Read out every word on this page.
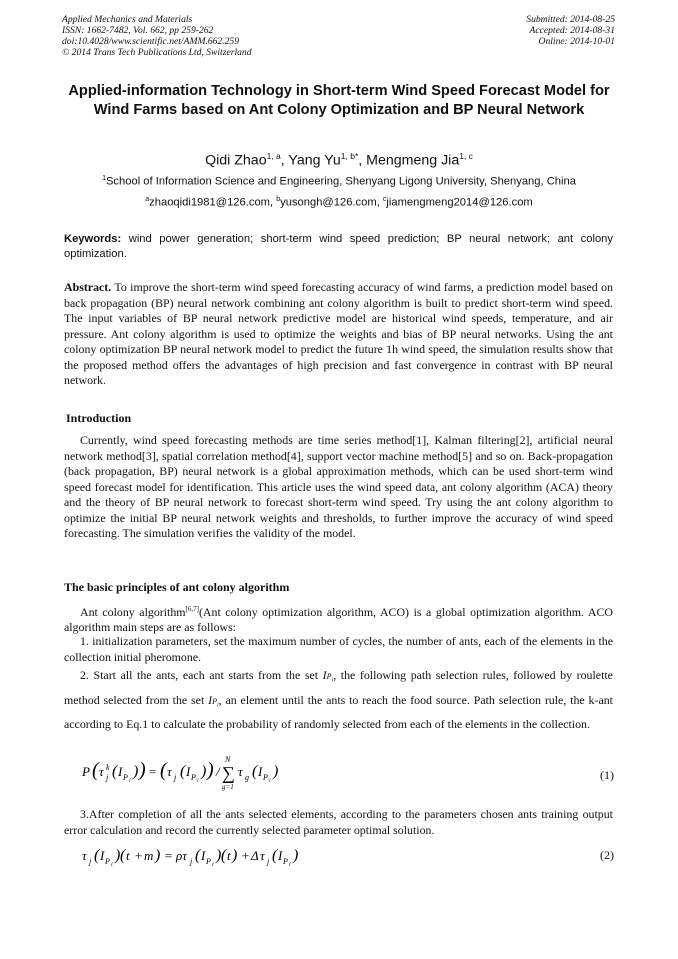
Applied Mechanics and Materials
ISSN: 1662-7482, Vol. 662, pp 259-262
doi:10.4028/www.scientific.net/AMM.662.259
© 2014 Trans Tech Publications Ltd, Switzerland
Submitted: 2014-08-25
Accepted: 2014-08-31
Online: 2014-10-01
Applied-information Technology in Short-term Wind Speed Forecast Model for Wind Farms based on Ant Colony Optimization and BP Neural Network
Qidi Zhao$^{1, a}$, Yang $Yu^{1, b*}$, Mengmeng Jia$^{1, c}$
$^1$School of Information Science and Engineering, Shenyang Ligong University, Shenyang, China
$^a$zhaoqidi1981@126.com, $^b$yusongh@126.com, $^c$jiamengmeng2014@126.com
Keywords: wind power generation; short-term wind speed prediction; BP neural network; ant colony optimization.
Abstract. To improve the short-term wind speed forecasting accuracy of wind farms, a prediction model based on back propagation (BP) neural network combining ant colony algorithm is built to predict short-term wind speed. The input variables of BP neural network predictive model are historical wind speeds, temperature, and air pressure. Ant colony algorithm is used to optimize the weights and bias of BP neural networks. Using the ant colony optimization BP neural network model to predict the future 1h wind speed, the simulation results show that the proposed method offers the advantages of high precision and fast convergence in contrast with BP neural network.
Introduction
Currently, wind speed forecasting methods are time series method[1], Kalman filtering[2], artificial neural network method[3], spatial correlation method[4], support vector machine method[5] and so on. Back-propagation (back propagation, BP) neural network is a global approximation methods, which can be used short-term wind speed forecast model for identification. This article uses the wind speed data, ant colony algorithm (ACA) theory and the theory of BP neural network to forecast short-term wind speed. Try using the ant colony algorithm to optimize the initial BP neural network weights and thresholds, to further improve the accuracy of wind speed forecasting. The simulation verifies the validity of the model.
The basic principles of ant colony algorithm
Ant colony algorithm[6,7](Ant colony optimization algorithm, ACO) is a global optimization algorithm. ACO algorithm main steps are as follows:
1. initialization parameters, set the maximum number of cycles, the number of ants, each of the elements in the collection initial pheromone.
2. Start all the ants, each ant starts from the set $IP_i$, the following path selection rules, followed by roulette method selected from the set $IP_i$, an element until the ants to reach the food source. Path selection rule, the k-ant according to Eq.1 to calculate the probability of randomly selected from each of the elements in the collection.
P ( τ j
k ( I P i
) ) = ( τ j ( I P i
) ) /
N
∑
g=1
τ g ( I P i
)	(1)
3.After completion of all the ants selected elements, according to the parameters chosen ants training output error calculation and record the currently selected parameter optimal solution.
τ j ( I P i
) ( t + m ) = ρτ j ( I P i
) ( t ) + Δ τ j ( I P i
)	(2)
